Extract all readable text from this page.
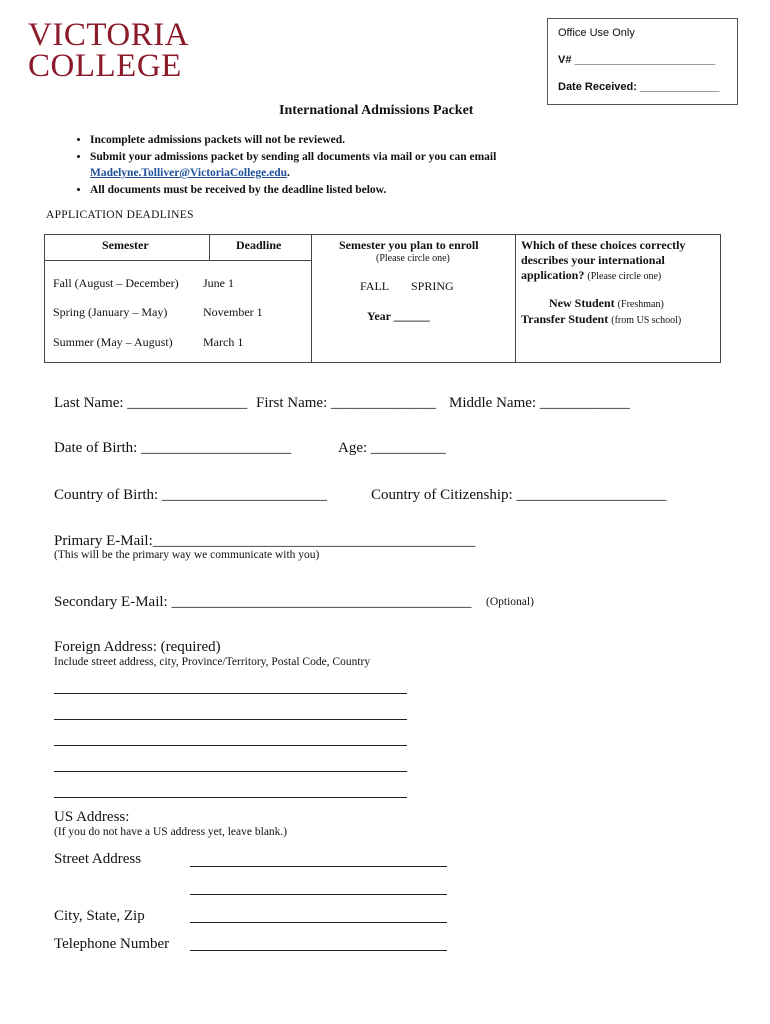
VICTORIA
COLLEGE
Office Use Only
V# _______________________
Date Received: _____________
International Admissions Packet
• Incomplete admissions packets will not be reviewed.
• Submit your admissions packet by sending all documents via mail or you can email Madelyne.Tolliver@VictoriaCollege.edu.
• All documents must be received by the deadline listed below.
APPLICATION DEADLINES
Semester	Deadline
Fall (August – December) June 1
Spring (January – May)	November 1
Summer (May – August)	March 1
Semester you plan to enroll
(Please circle one)
FALL SPRING
Year ______
Which of these choices correctly
describes your international
application? (Please circle one)
New Student (Freshman)
Transfer Student (from US school)
Last Name: ________________ First Name: ______________ Middle Name: ____________
Date of Birth: ____________________	Age: __________
Country of Birth: ______________________	Country of Citizenship: ____________________
Primary E-Mail:___________________________________________
(This will be the primary way we communicate with you)
Secondary E-Mail: ________________________________________ (Optional)
Foreign Address: (required)
Include street address, city, Province/Territory, Postal Code, Country
US Address:
(If you do not have a US address yet, leave blank.)
Street Address
City, State, Zip
Telephone Number
